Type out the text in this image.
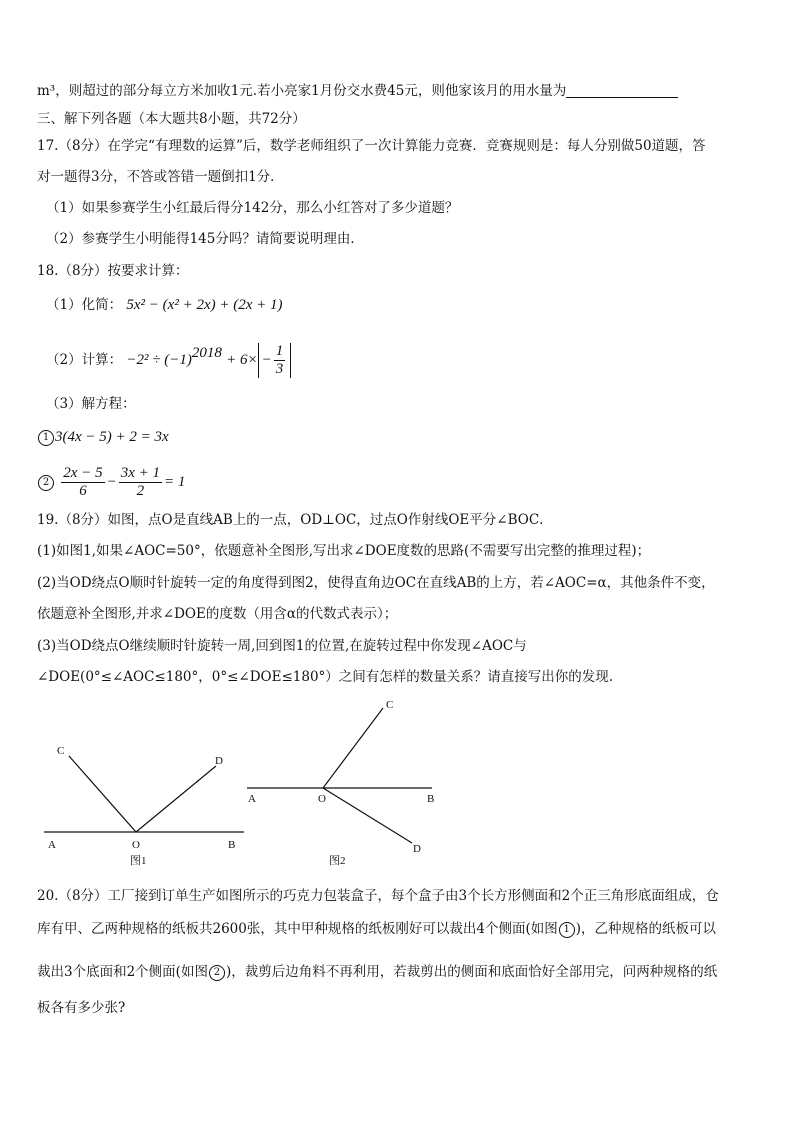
m³，则超过的部分每立方米加收1元.若小亮家1月份交水费45元，则他家该月的用水量为
三、解下列各题（本大题共8小题，共72分）
17.（8分）在学完“有理数的运算”后，数学老师组织了一次计算能力竞赛．竞赛规则是：每人分别做50道题，答
对一题得3分，不答或答错一题倒扣1分．
（1）如果参赛学生小红最后得分142分，那么小红答对了多少道题？
（2）参赛学生小明能得145分吗？请简要说明理由．
18.（8分）按要求计算：
（1）化简： 5x² − (x² + 2x) + (2x + 1)
（2）计算： $-2^2 \div (-1)^{2018} + 6\times - \frac{1}{3}$
（3）解方程：
1 3(4x − 5) + 2 = 3x
$2 \frac{2x - 5}{6} - \frac{3x + 1}{2} = 1$
19.（8分）如图，点O是直线AB上的一点，OD⊥OC，过点O作射线OE平分∠BOC．
(1)如图1,如果∠AOC=50°，依题意补全图形,写出求∠DOE度数的思路(不需要写出完整的推理过程)；
(2)当OD绕点O顺时针旋转一定的角度得到图2，使得直角边OC在直线AB的上方，若∠AOC=α，其他条件不变，
依题意补全图形,并求∠DOE的度数（用含α的代数式表示）；
(3)当OD绕点O继续顺时针旋转一周,回到图1的位置,在旋转过程中你发现∠AOC与
∠DOE(0°≤∠AOC≤180°，0°≤∠DOE≤180°）之间有怎样的数量关系？请直接写出你的发现.
C
D
A	O	B
图1
C
A	O	B
D
图2
20.（8分）工厂接到订单生产如图所示的巧克力包装盒子，每个盒子由3个长方形侧面和2个正三角形底面组成，仓
库有甲、乙两种规格的纸板共2600张，其中甲种规格的纸板刚好可以裁出4个侧面(如图 1 )，乙种规格的纸板可以
裁出3个底面和2个侧面(如图 2 )，裁剪后边角料不再利用，若裁剪出的侧面和底面恰好全部用完，问两种规格的纸
板各有多少张?
